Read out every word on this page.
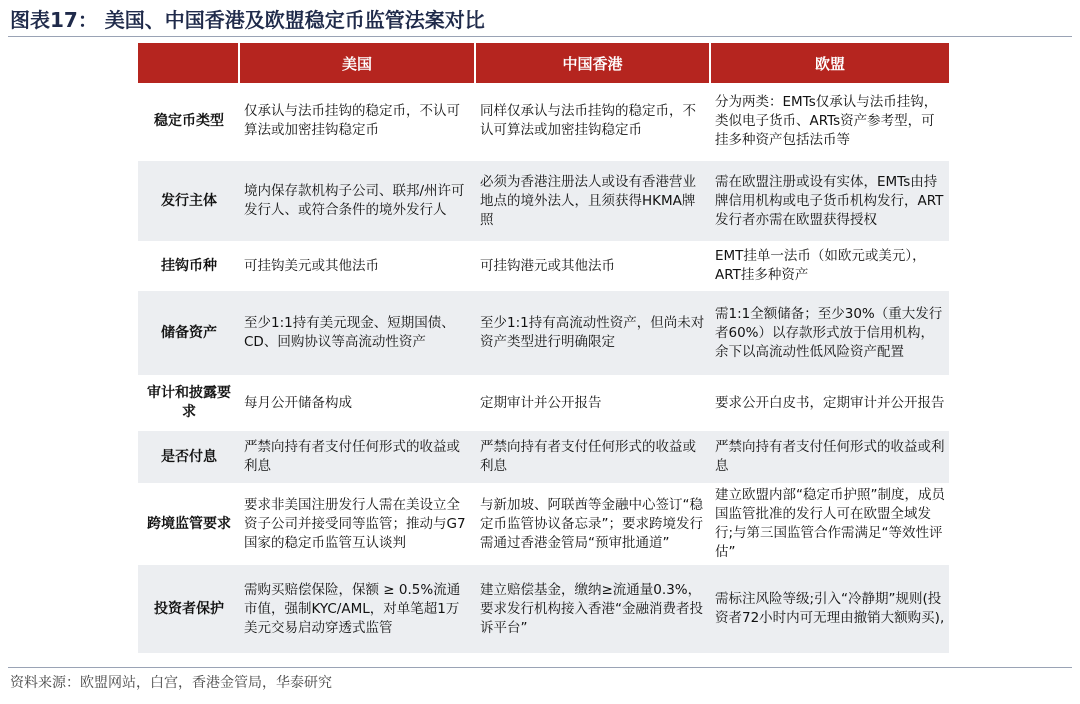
图表17： 美国、中国香港及欧盟稳定币监管法案对比
	美国	中国香港	欧盟
稳定币类型	仅承认与法币挂钩的稳定币，不认可算法或加密挂钩稳定币	同样仅承认与法币挂钩的稳定币，不认可算法或加密挂钩稳定币	分为两类：EMTs仅承认与法币挂钩，类似电子货币、ARTs资产参考型，可挂多种资产包括法币等
发行主体	境内保存款机构子公司、联邦/州许可发行人、或符合条件的境外发行人	必须为香港注册法人或设有香港营业地点的境外法人，且须获得HKMA牌照	需在欧盟注册或设有实体，EMTs由持牌信用机构或电子货币机构发行，ART发行者亦需在欧盟获得授权
挂钩币种	可挂钩美元或其他法币	可挂钩港元或其他法币	EMT挂单一法币（如欧元或美元），ART挂多种资产
储备资产	至少1:1持有美元现金、短期国债、CD、回购协议等高流动性资产	至少1:1持有高流动性资产，但尚未对资产类型进行明确限定	需1:1全额储备；至少30%（重大发行者60%）以存款形式放于信用机构，余下以高流动性低风险资产配置
审计和披露要求	每月公开储备构成	定期审计并公开报告	要求公开白皮书，定期审计并公开报告
是否付息	严禁向持有者支付任何形式的收益或利息	严禁向持有者支付任何形式的收益或利息	严禁向持有者支付任何形式的收益或利息
跨境监管要求	要求非美国注册发行人需在美设立全资子公司并接受同等监管；推动与G7国家的稳定币监管互认谈判	与新加坡、阿联酋等金融中心签订“稳定币监管协议备忘录”；要求跨境发行需通过香港金管局“预审批通道”	建立欧盟内部“稳定币护照”制度，成员国监管批准的发行人可在欧盟全域发行;与第三国监管合作需满足“等效性评估”
投资者保护	需购买赔偿保险，保额 ≥ 0.5%流通市值，强制KYC/AML，对单笔超1万美元交易启动穿透式监管	建立赔偿基金，缴纳≥流通量0.3%，要求发行机构接入香港“金融消费者投诉平台”	需标注风险等级;引入“冷静期”规则(投资者72小时内可无理由撤销大额购买),
资料来源：欧盟网站，白宫，香港金管局，华泰研究
